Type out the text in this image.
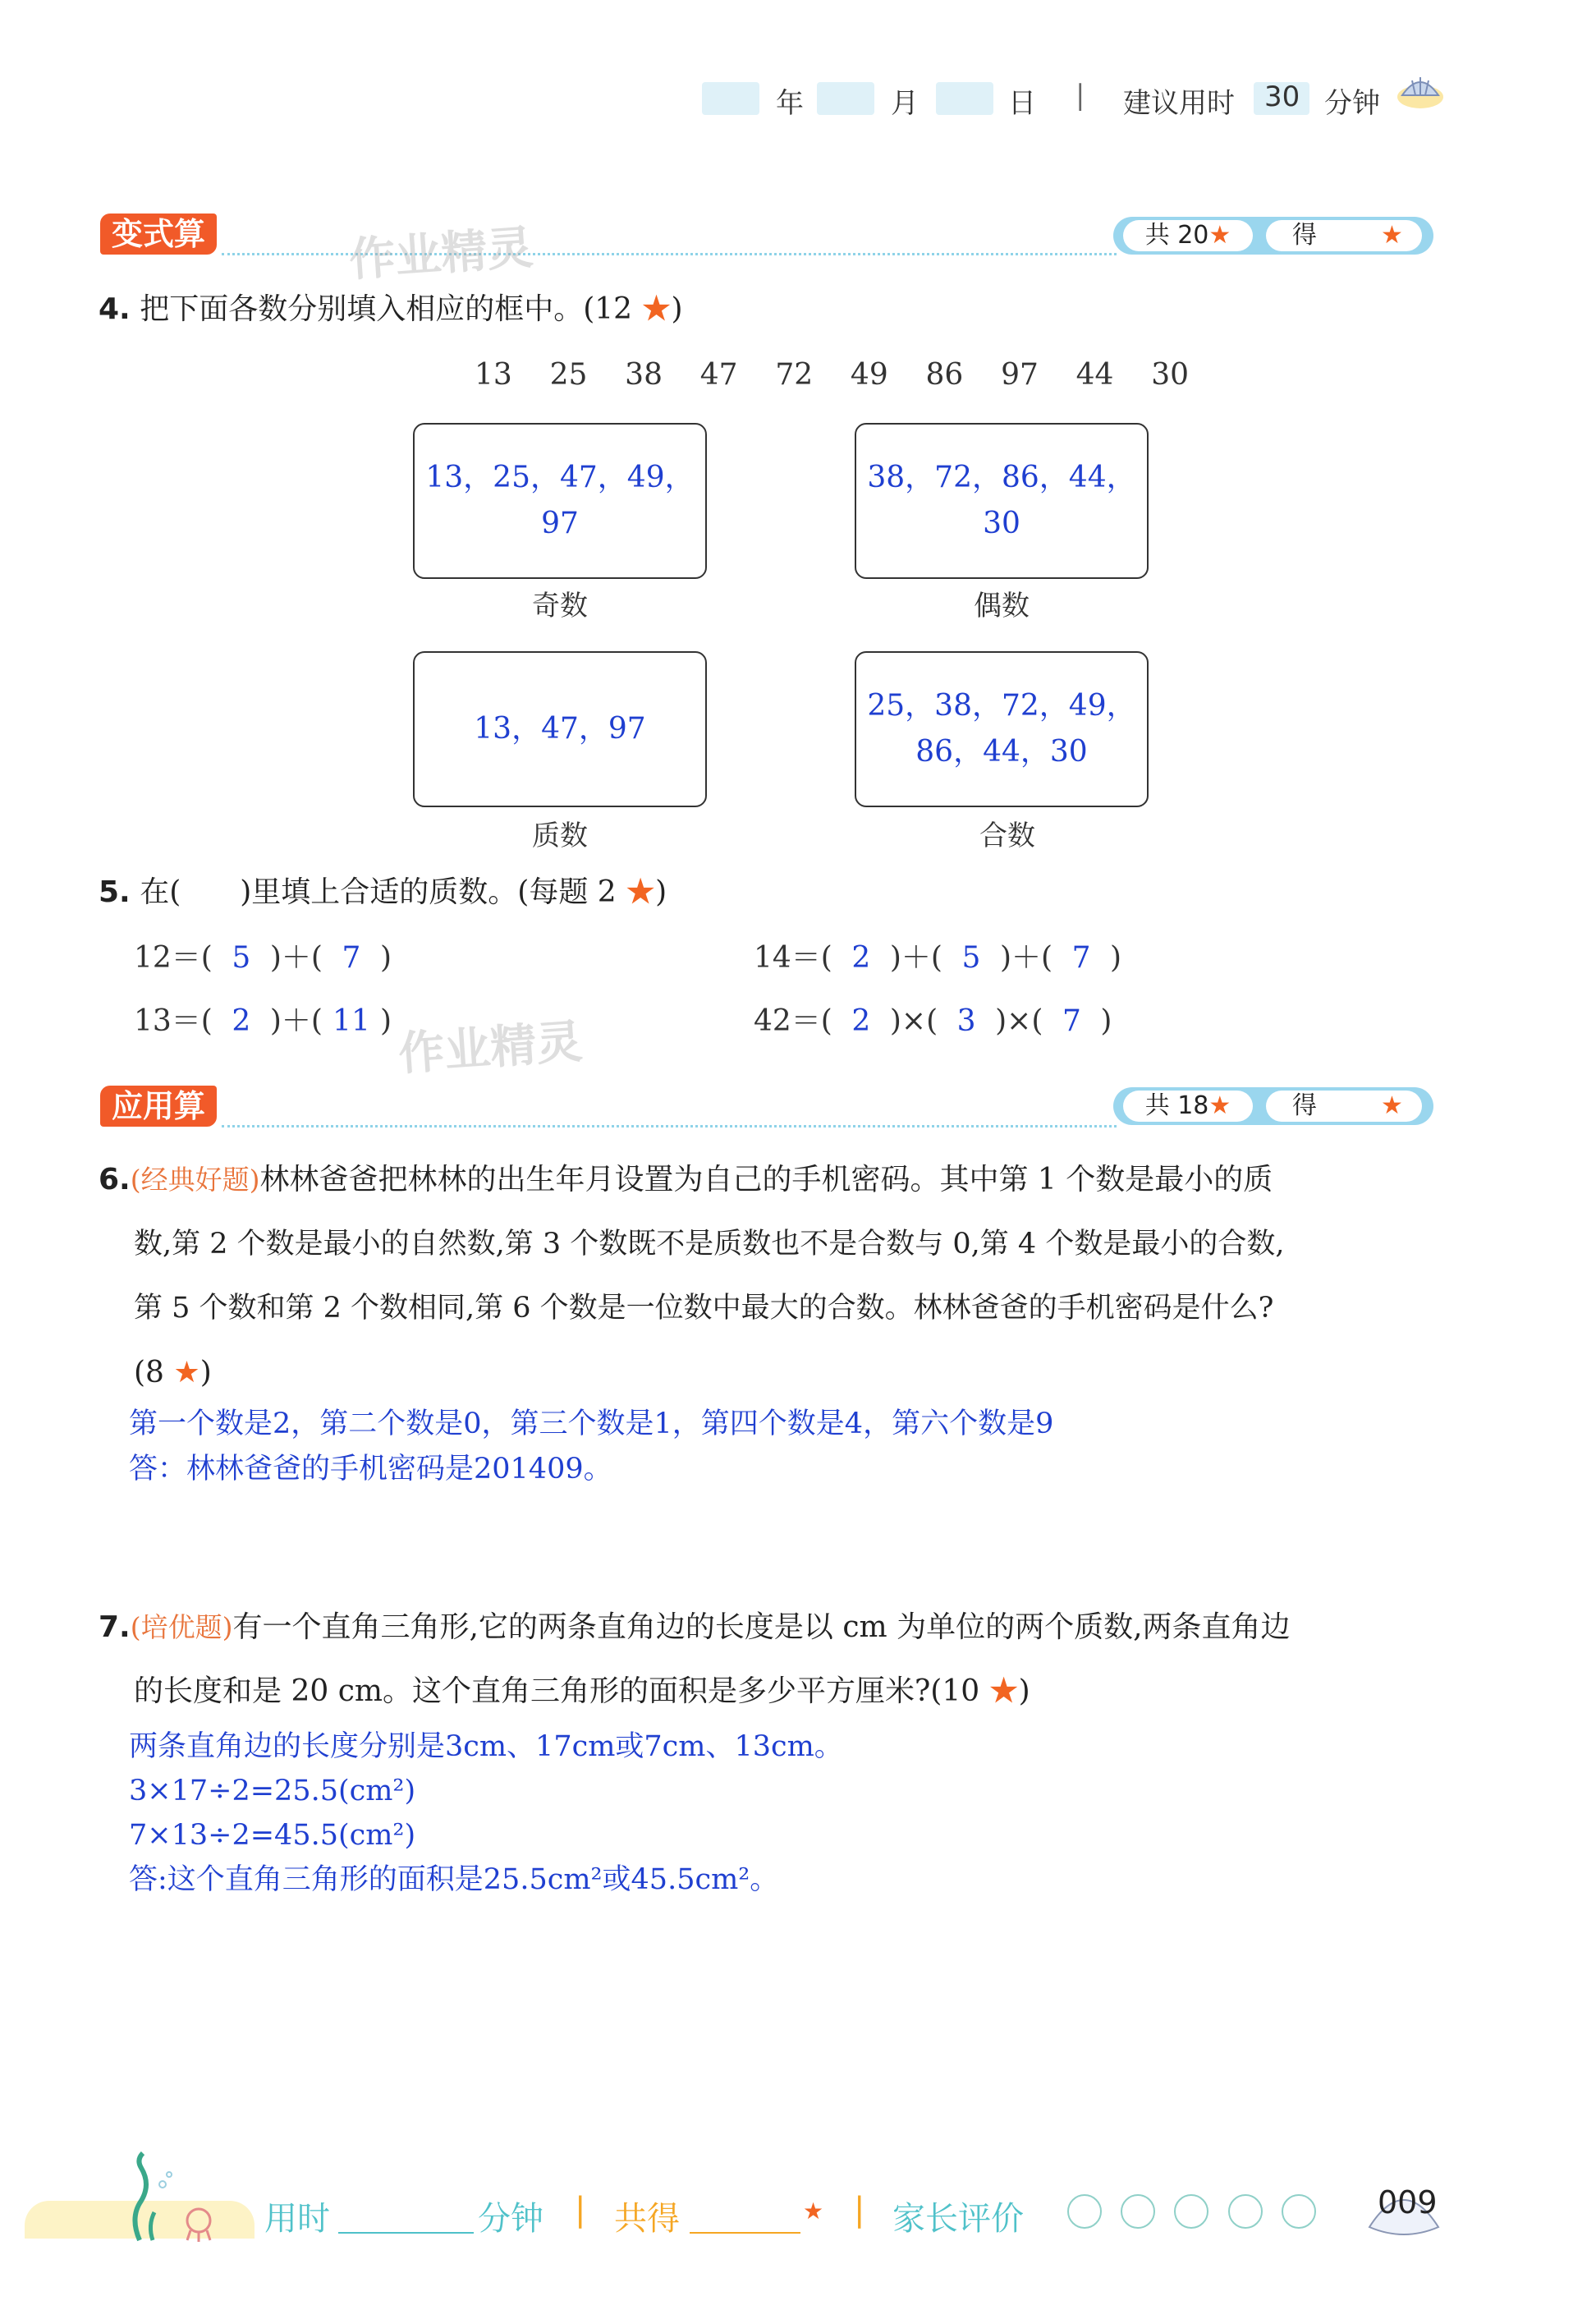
年	月	日 | 建议用时 30 分钟
变式算	作业精灵	共 20★	得	★
4. 把下面各数分别填入相应的框中。(12 ★)
13    25    38    47    72    49    86    97    44    30
13，25，47，49，97
奇数
38，72，86，44，30
偶数
13，47，97
质数
25，38，72，49，
86，44，30
合数
5. 在(　　)里填上合适的质数。(每题 2 ★)
12＝( 5 )＋( 7 )	14＝( 2 )＋( 5 )＋( 7 )
13＝( 2 )＋( 11 )	42＝( 2 )×( 3 )×( 7 )
作业精灵
应用算	共 18★	得	★
6.(经典好题)林林爸爸把林林的出生年月设置为自己的手机密码。其中第 1 个数是最小的质
数,第 2 个数是最小的自然数,第 3 个数既不是质数也不是合数与 0,第 4 个数是最小的合数,
第 5 个数和第 2 个数相同,第 6 个数是一位数中最大的合数。林林爸爸的手机密码是什么?
(8 ★)
第一个数是2，第二个数是0，第三个数是1，第四个数是4，第六个数是9
答：林林爸爸的手机密码是201409。
7.(培优题)有一个直角三角形,它的两条直角边的长度是以 cm 为单位的两个质数,两条直角边
的长度和是 20 cm。这个直角三角形的面积是多少平方厘米?(10 ★)
两条直角边的长度分别是3cm、17cm或7cm、13cm。
3×17÷2=25.5(cm²)
7×13÷2=45.5(cm²)
答:这个直角三角形的面积是25.5cm²或45.5cm²。
用时	分钟 | 共得	★ | 家长评价	009
